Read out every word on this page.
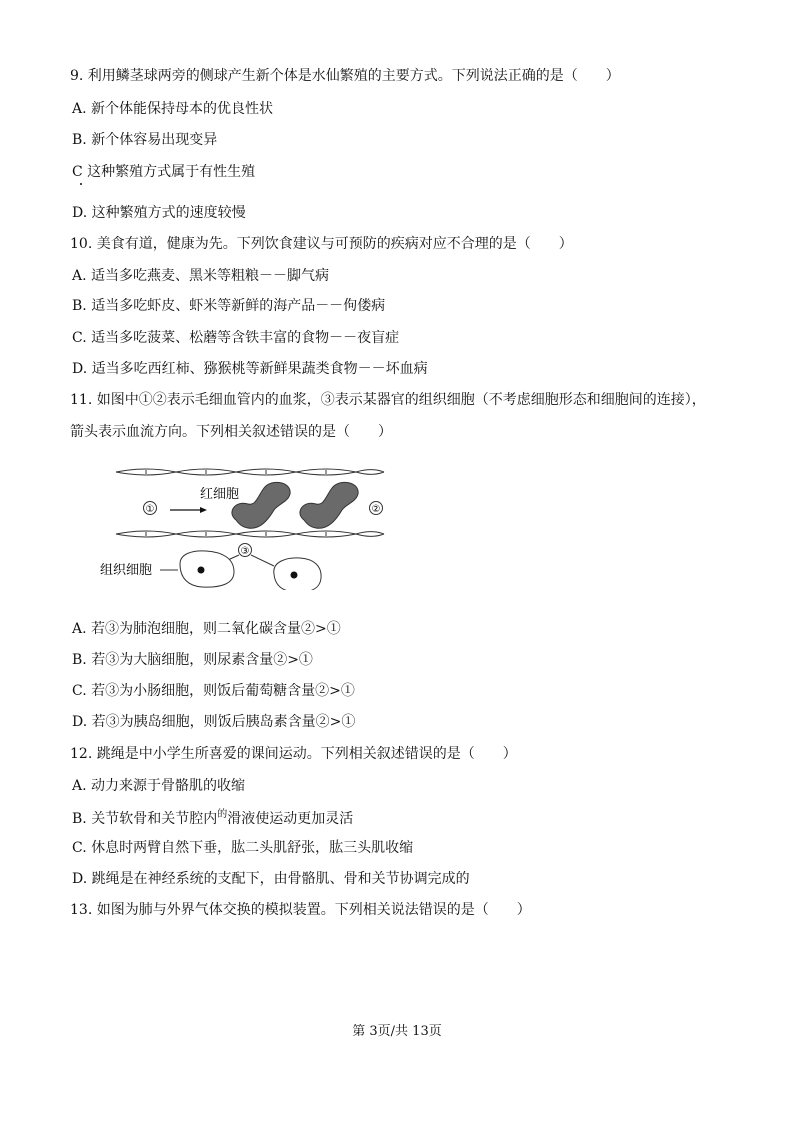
9. 利用鳞茎球两旁的侧球产生新个体是水仙繁殖的主要方式。下列说法正确的是（　　）

A. 新个体能保持母本的优良性状

B. 新个体容易出现变异

C 这种繁殖方式属于有性生殖

D. 这种繁殖方式的速度较慢

10. 美食有道，健康为先。下列饮食建议与可预防的疾病对应不合理的是（　　）

A. 适当多吃燕麦、黑米等粗粮－－脚气病

B. 适当多吃虾皮、虾米等新鲜的海产品－－佝偻病

C. 适当多吃菠菜、松蘑等含铁丰富的食物－－夜盲症

D. 适当多吃西红柿、猕猴桃等新鲜果蔬类食物－－坏血病

11. 如图中①②表示毛细血管内的血浆，③表示某器官的组织细胞（不考虑细胞形态和细胞间的连接），

箭头表示血流方向。下列相关叙述错误的是（　　）

①
红细胞
②
③
组织细胞

A. 若③为肺泡细胞，则二氧化碳含量②>①

B. 若③为大脑细胞，则尿素含量②>①

C. 若③为小肠细胞，则饭后葡萄糖含量②>①

D. 若③为胰岛细胞，则饭后胰岛素含量②>①

12. 跳绳是中小学生所喜爱的课间运动。下列相关叙述错误的是（　　）

A. 动力来源于骨骼肌的收缩

B. 关节软骨和关节腔内$^的$滑液使运动更加灵活

C. 休息时两臂自然下垂，肱二头肌舒张，肱三头肌收缩

D. 跳绳是在神经系统的支配下，由骨骼肌、骨和关节协调完成的

13. 如图为肺与外界气体交换的模拟装置。下列相关说法错误的是（　　）

第 3页/共 13页
